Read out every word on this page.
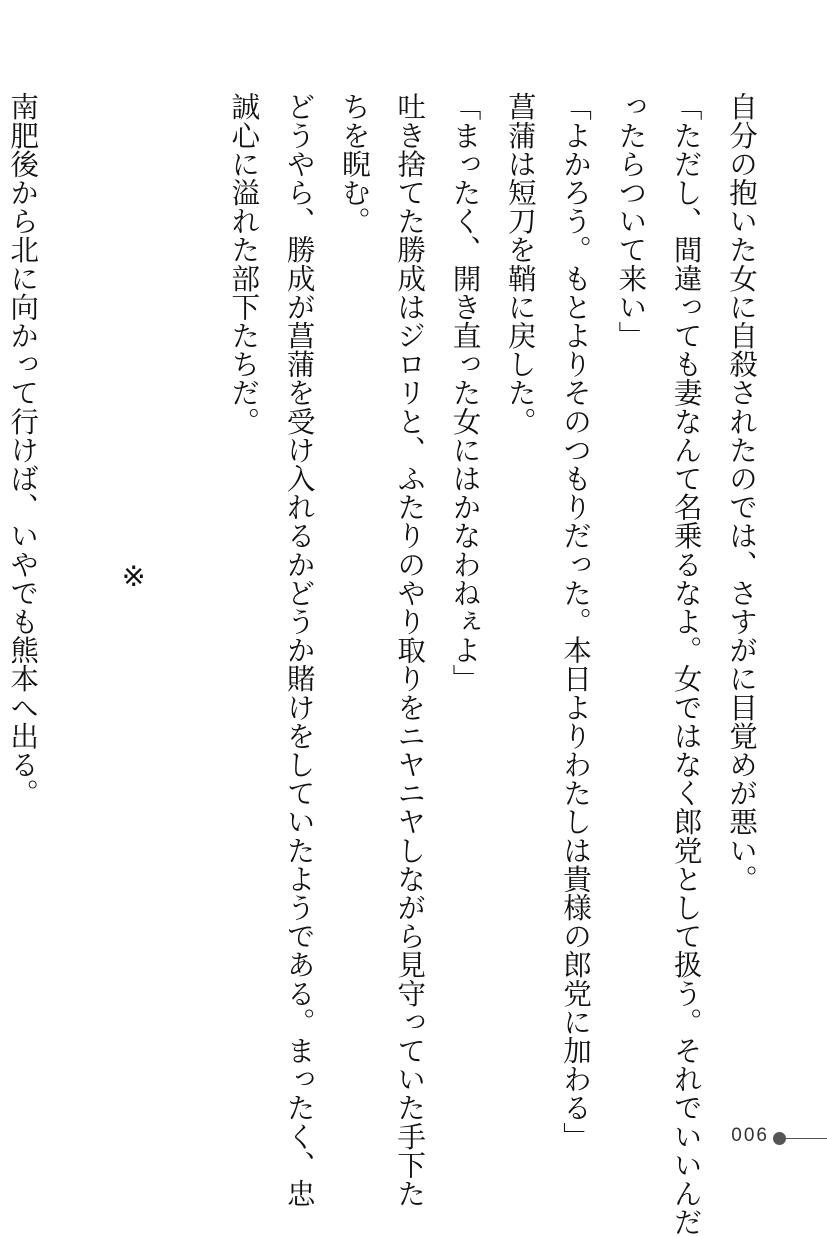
自分の抱いた女に自殺されたのでは、さすがに目覚めが悪い。
「ただし、間違っても妻なんて名乗るなよ。女ではなく郎党として扱う。それでいいんだ
ったらついて来い」
「よかろう。もとよりそのつもりだった。本日よりわたしは貴様の郎党に加わる」
菖蒲は短刀を鞘に戻した。
「まったく、開き直った女にはかなわねぇよ」
吐き捨てた勝成はジロリと、ふたりのやり取りをニヤニヤしながら見守っていた手下た
ちを睨む。
どうやら、勝成が菖蒲を受け入れるかどうか賭けをしていたようである。まったく、忠
誠心に溢れた部下たちだ。

※

南肥後から北に向かって行けば、いやでも熊本へ出る。
006
